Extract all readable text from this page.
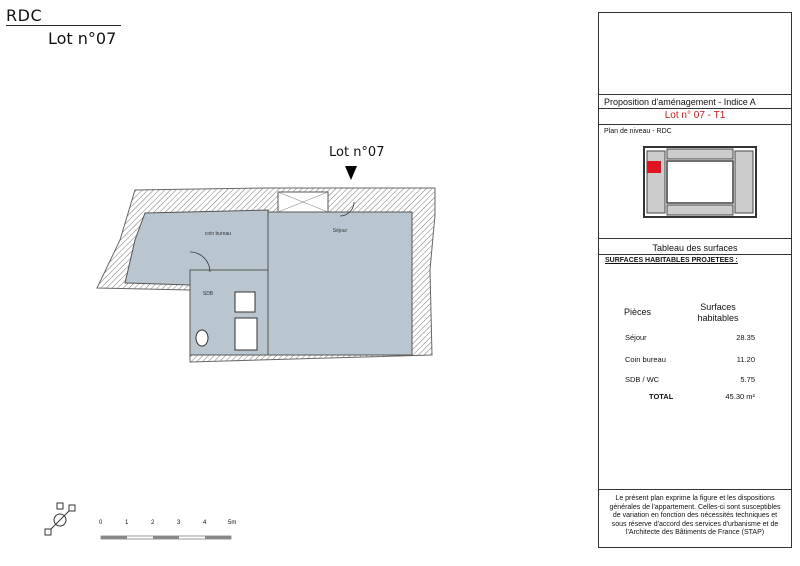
RDC
Lot n°07
Lot n°07
coin bureau	Séjour
SDB
0	1	2	3	4	5m
Proposition d'aménagement - Indice A
Lot n° 07 - T1
Plan de niveau - RDC
Tableau des surfaces
SURFACES HABITABLES PROJETEES :
Pièces	Surfaces habitables
Séjour	28.35
Coin bureau	11.20
SDB / WC	5.75
TOTAL	45.30 m²
Le présent plan exprime la figure et les dispositions générales de l'appartement. Celles-ci sont susceptibles de variation en fonction des nécessités techniques et sous réserve d'accord des services d'urbanisme et de l'Architecte des Bâtiments de France (STAP)
